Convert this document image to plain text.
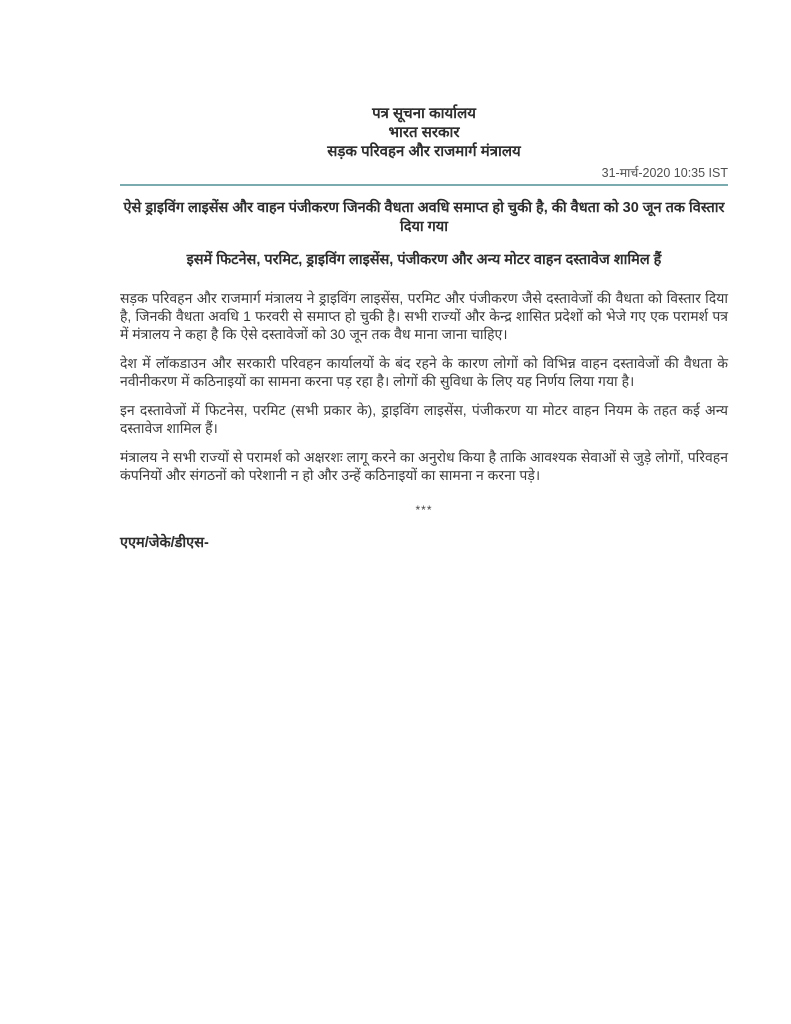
पत्र सूचना कार्यालय
भारत सरकार
सड़क परिवहन और राजमार्ग मंत्रालय
31-मार्च-2020 10:35 IST
ऐसे ड्राइविंग लाइसेंस और वाहन पंजीकरण जिनकी वैधता अवधि समाप्त हो चुकी है, की वैधता को 30 जून तक विस्तार दिया गया
इसमें फिटनेस, परमिट, ड्राइविंग लाइसेंस, पंजीकरण और अन्य मोटर वाहन दस्तावेज शामिल हैं

सड़क परिवहन और राजमार्ग मंत्रालय ने ड्राइविंग लाइसेंस, परमिट और पंजीकरण जैसे दस्तावेजों की वैधता को विस्तार दिया है, जिनकी वैधता अवधि 1 फरवरी से समाप्त हो चुकी है। सभी राज्यों और केन्द्र शासित प्रदेशों को भेजे गए एक परामर्श पत्र में मंत्रालय ने कहा है कि ऐसे दस्तावेजों को 30 जून तक वैध माना जाना चाहिए।

देश में लॉकडाउन और सरकारी परिवहन कार्यालयों के बंद रहने के कारण लोगों को विभिन्न वाहन दस्तावेजों की वैधता के नवीनीकरण में कठिनाइयों का सामना करना पड़ रहा है। लोगों की सुविधा के लिए यह निर्णय लिया गया है।

इन दस्तावेजों में फिटनेस, परमिट (सभी प्रकार के), ड्राइविंग लाइसेंस, पंजीकरण या मोटर वाहन नियम के तहत कई अन्य दस्तावेज शामिल हैं।

मंत्रालय ने सभी राज्यों से परामर्श को अक्षरशः लागू करने का अनुरोध किया है ताकि आवश्यक सेवाओं से जुड़े लोगों, परिवहन कंपनियों और संगठनों को परेशानी न हो और उन्हें कठिनाइयों का सामना न करना पड़े।

***
एएम/जेके/डीएस-
